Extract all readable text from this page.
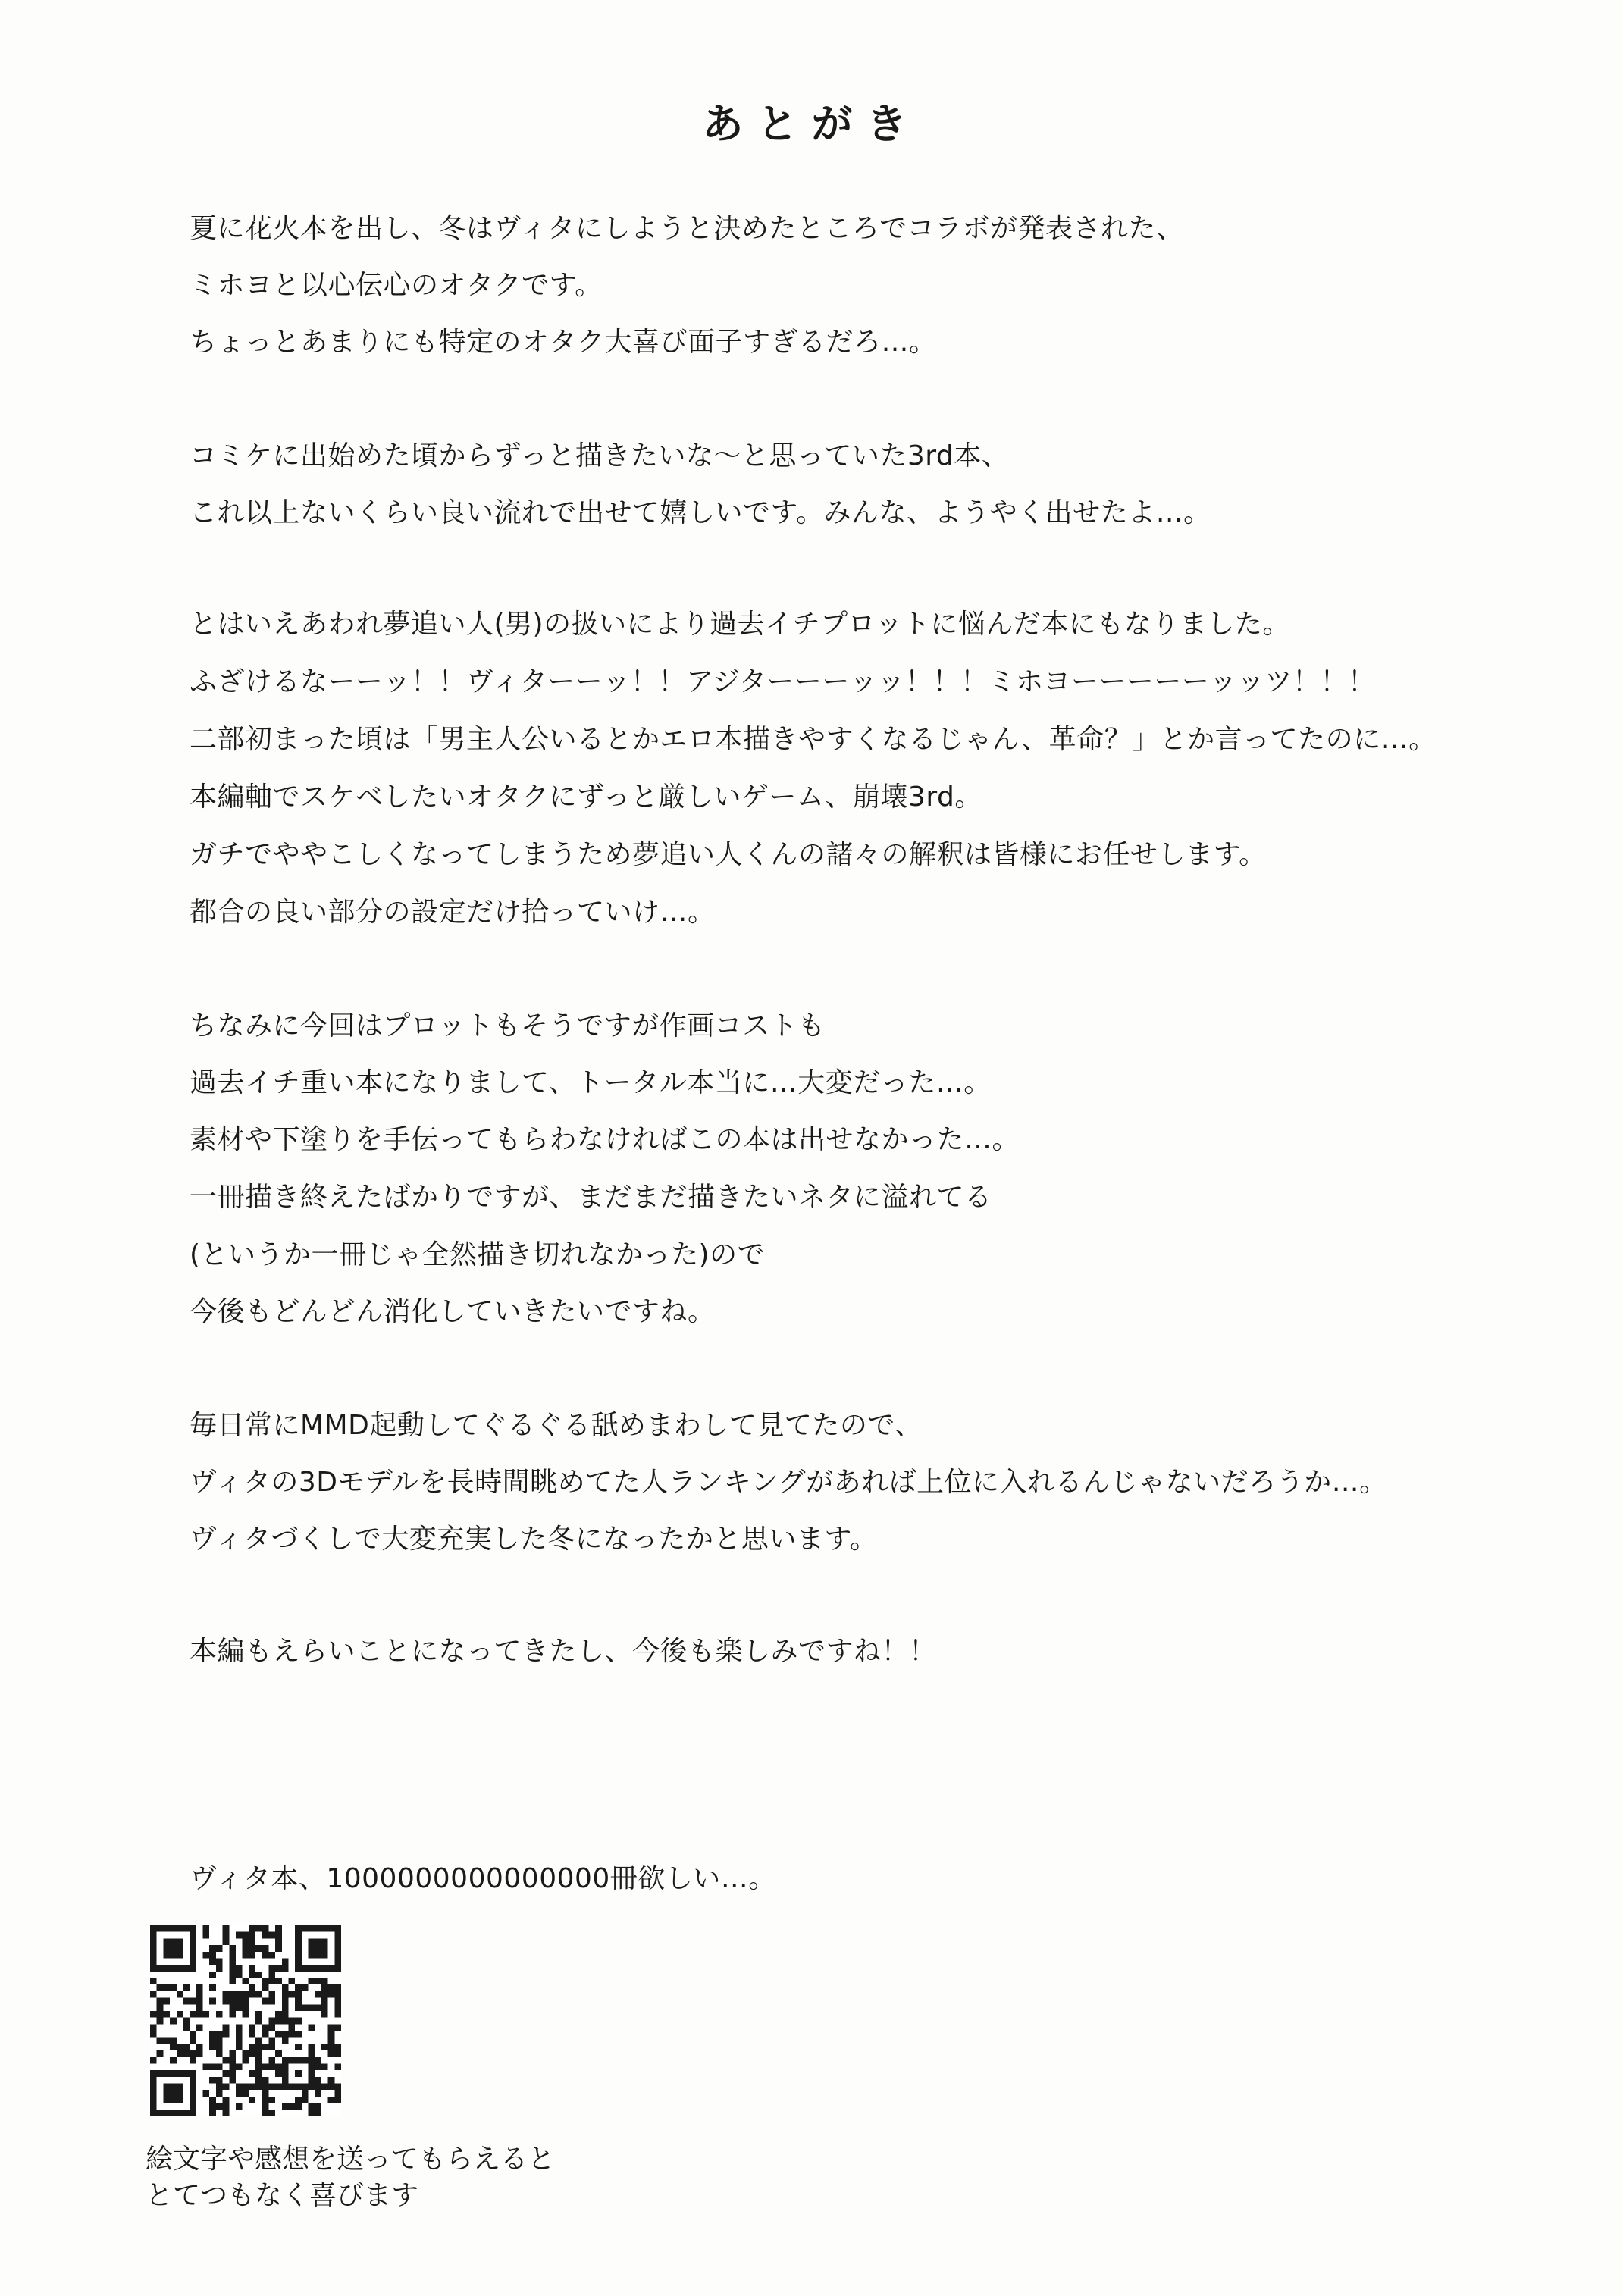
あとがき
夏に花火本を出し、冬はヴィタにしようと決めたところでコラボが発表された、
ミホヨと以心伝心のオタクです。
ちょっとあまりにも特定のオタク大喜び面子すぎるだろ…。
コミケに出始めた頃からずっと描きたいな～と思っていた3rd本、
これ以上ないくらい良い流れで出せて嬉しいです。みんな、ようやく出せたよ…。
とはいえあわれ夢追い人(男)の扱いにより過去イチプロットに悩んだ本にもなりました。
ふざけるなーーッ！！ヴィターーッ！！アジターーーッッ！！！ミホヨーーーーーッッツ！！！
二部初まった頃は「男主人公いるとかエロ本描きやすくなるじゃん、革命？」とか言ってたのに…。
本編軸でスケベしたいオタクにずっと厳しいゲーム、崩壊3rd。
ガチでややこしくなってしまうため夢追い人くんの諸々の解釈は皆様にお任せします。
都合の良い部分の設定だけ拾っていけ…。
ちなみに今回はプロットもそうですが作画コストも
過去イチ重い本になりまして、トータル本当に…大変だった…。
素材や下塗りを手伝ってもらわなければこの本は出せなかった…。
一冊描き終えたばかりですが、まだまだ描きたいネタに溢れてる
(というか一冊じゃ全然描き切れなかった)ので
今後もどんどん消化していきたいですね。
毎日常にMMD起動してぐるぐる舐めまわして見てたので、
ヴィタの3Dモデルを長時間眺めてた人ランキングがあれば上位に入れるんじゃないだろうか…。
ヴィタづくしで大変充実した冬になったかと思います。
本編もえらいことになってきたし、今後も楽しみですね！！
ヴィタ本、1000000000000000冊欲しい…。
絵文字や感想を送ってもらえると
とてつもなく喜びます
